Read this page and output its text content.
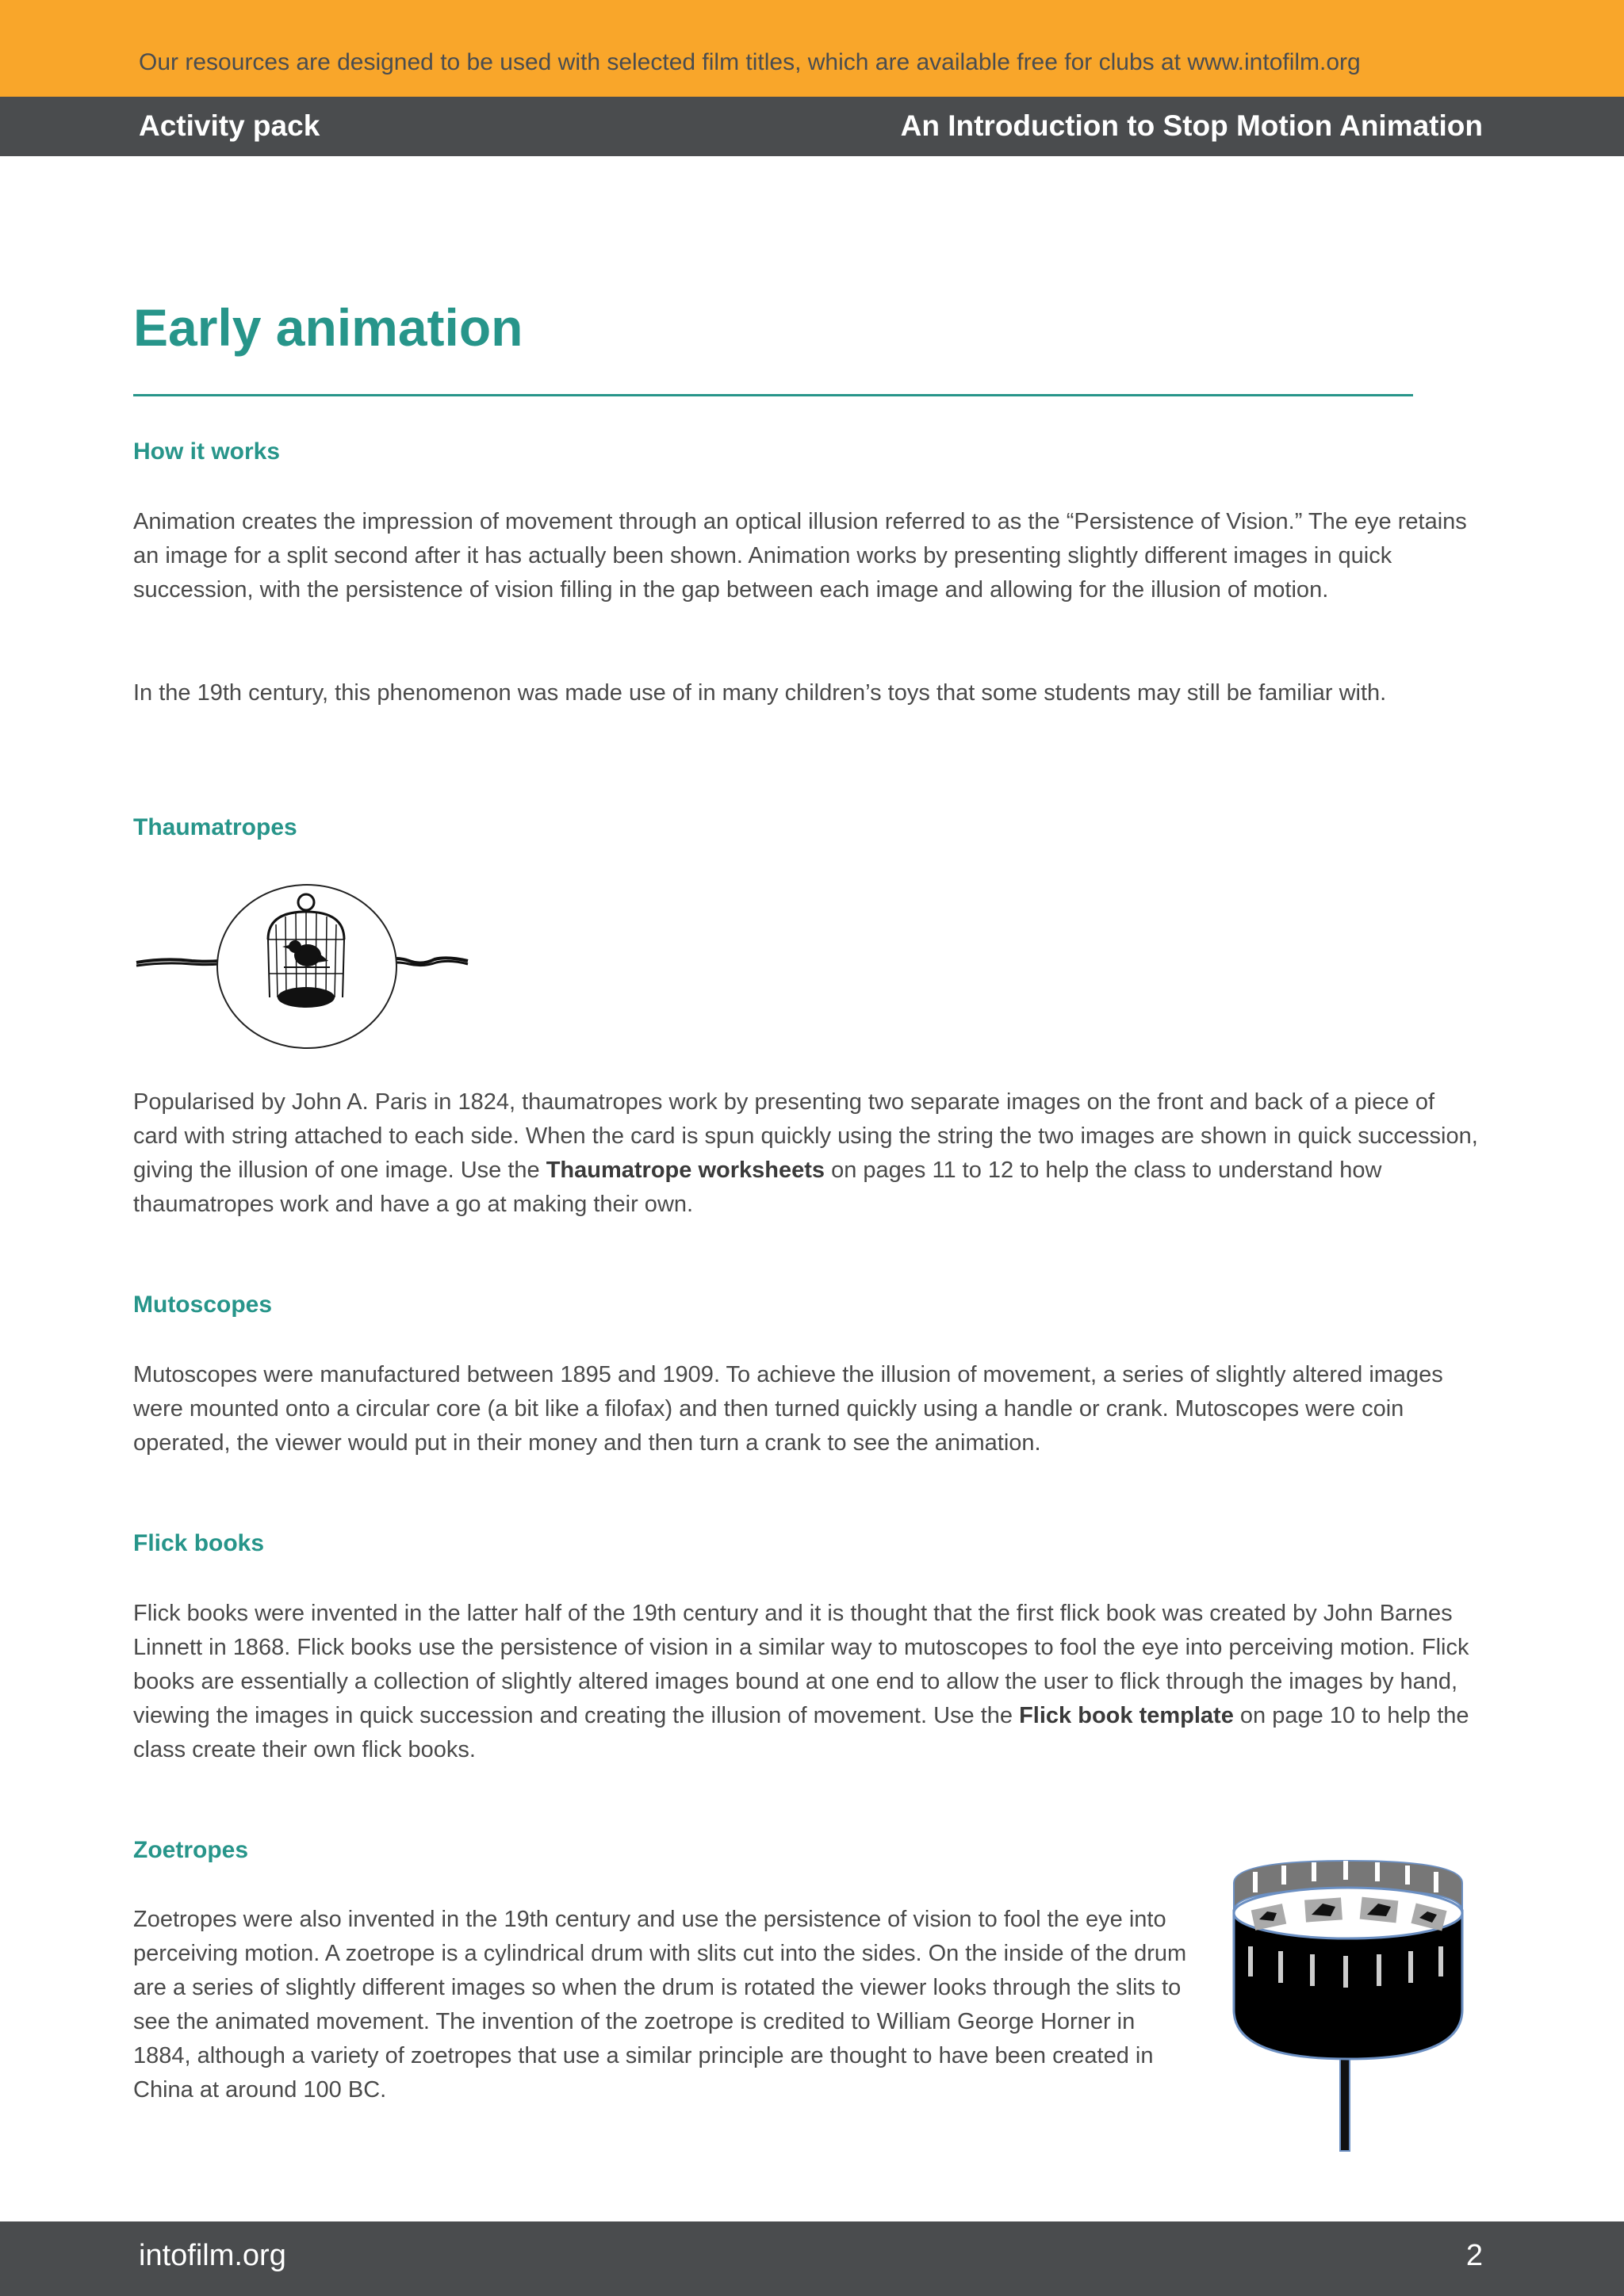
Our resources are designed to be used with selected film titles, which are available free for clubs at www.intofilm.org
Activity pack	An Introduction to Stop Motion Animation
Early animation
How it works

Animation creates the impression of movement through an optical illusion referred to as the “Persistence of Vision.” The eye retains an image for a split second after it has actually been shown. Animation works by presenting slightly different images in quick succession, with the persistence of vision filling in the gap between each image and allowing for the illusion of motion.

In the 19th century, this phenomenon was made use of in many children’s toys that some students may still be familiar with.

Thaumatropes

Popularised by John A. Paris in 1824, thaumatropes work by presenting two separate images on the front and back of a piece of card with string attached to each side. When the card is spun quickly using the string the two images are shown in quick succession, giving the illusion of one image. Use the Thaumatrope worksheets on pages 11 to 12 to help the class to understand how thaumatropes work and have a go at making their own.

Mutoscopes

Mutoscopes were manufactured between 1895 and 1909. To achieve the illusion of movement, a series of slightly altered images were mounted onto a circular core (a bit like a filofax) and then turned quickly using a handle or crank. Mutoscopes were coin operated, the viewer would put in their money and then turn a crank to see the animation.

Flick books

Flick books were invented in the latter half of the 19th century and it is thought that the first flick book was created by John Barnes Linnett in 1868. Flick books use the persistence of vision in a similar way to mutoscopes to fool the eye into perceiving motion. Flick books are essentially a collection of slightly altered images bound at one end to allow the user to flick through the images by hand, viewing the images in quick succession and creating the illusion of movement. Use the Flick book template on page 10 to help the class create their own flick books.

Zoetropes

Zoetropes were also invented in the 19th century and use the persistence of vision to fool the eye into perceiving motion. A zoetrope is a cylindrical drum with slits cut into the sides. On the inside of the drum are a series of slightly different images so when the drum is rotated the viewer looks through the slits to see the animated movement. The invention of the zoetrope is credited to William George Horner in 1884, although a variety of zoetropes that use a similar principle are thought to have been created in China at around 100 BC.

intofilm.org	2
